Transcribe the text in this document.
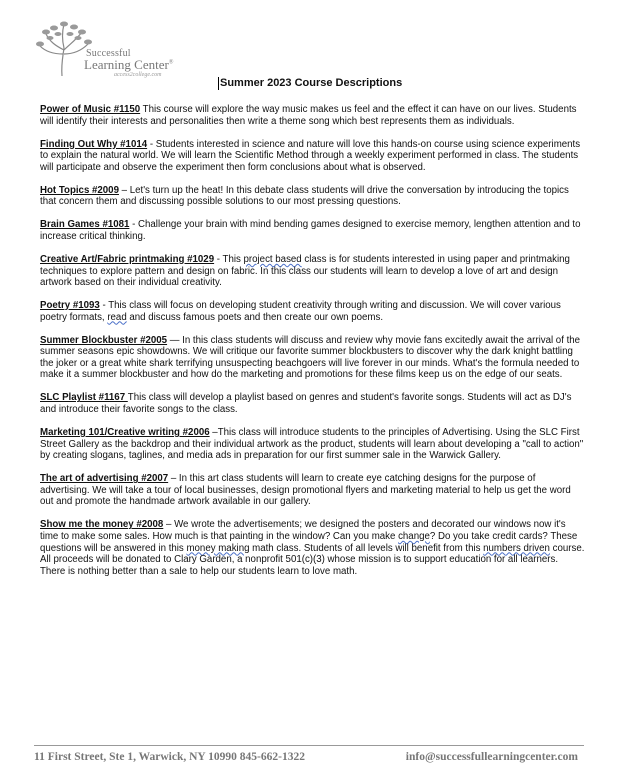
Successful
Learning Center®
access2college.com
Summer 2023 Course Descriptions

Power of Music #1150 This course will explore the way music makes us feel and the effect it can have on our lives. Students will identify their interests and personalities then write a theme song which best represents them as individuals.

Finding Out Why #1014 - Students interested in science and nature will love this hands-on course using science experiments to explain the natural world. We will learn the Scientific Method through a weekly experiment performed in class. The students will participate and observe the experiment then form conclusions about what is observed.

Hot Topics #2009 – Let's turn up the heat! In this debate class students will drive the conversation by introducing the topics that concern them and discussing possible solutions to our most pressing questions.

Brain Games #1081 - Challenge your brain with mind bending games designed to exercise memory, lengthen attention and to increase critical thinking.

Creative Art/Fabric printmaking #1029 - This project based class is for students interested in using paper and printmaking techniques to explore pattern and design on fabric. In this class our students will learn to develop a love of art and design artwork based on their individual creativity.

Poetry #1093 - This class will focus on developing student creativity through writing and discussion. We will cover various poetry formats, read and discuss famous poets and then create our own poems.

Summer Blockbuster #2005 — In this class students will discuss and review why movie fans excitedly await the arrival of the summer seasons epic showdowns. We will critique our favorite summer blockbusters to discover why the dark knight battling the joker or a great white shark terrifying unsuspecting beachgoers will live forever in our minds. What's the formula needed to make it a summer blockbuster and how do the marketing and promotions for these films keep us on the edge of our seats.

SLC Playlist #1167 This class will develop a playlist based on genres and student's favorite songs. Students will act as DJ's and introduce their favorite songs to the class.

Marketing 101/Creative writing #2006 –This class will introduce students to the principles of Advertising. Using the SLC First Street Gallery as the backdrop and their individual artwork as the product, students will learn about developing a "call to action" by creating slogans, taglines, and media ads in preparation for our first summer sale in the Warwick Gallery.

The art of advertising #2007 – In this art class students will learn to create eye catching designs for the purpose of advertising. We will take a tour of local businesses, design promotional flyers and marketing material to help us get the word out and promote the handmade artwork available in our gallery.

Show me the money #2008 – We wrote the advertisements; we designed the posters and decorated our windows now it's time to make some sales. How much is that painting in the window? Can you make change? Do you take credit cards? These questions will be answered in this money making math class. Students of all levels will benefit from this numbers driven course. All proceeds will be donated to Clary Garden, a nonprofit 501(c)(3) whose mission is to support education for all learners. There is nothing better than a sale to help our students learn to love math.

11 First Street, Ste 1, Warwick, NY 10990 845-662-1322	info@successfullearningcenter.com
